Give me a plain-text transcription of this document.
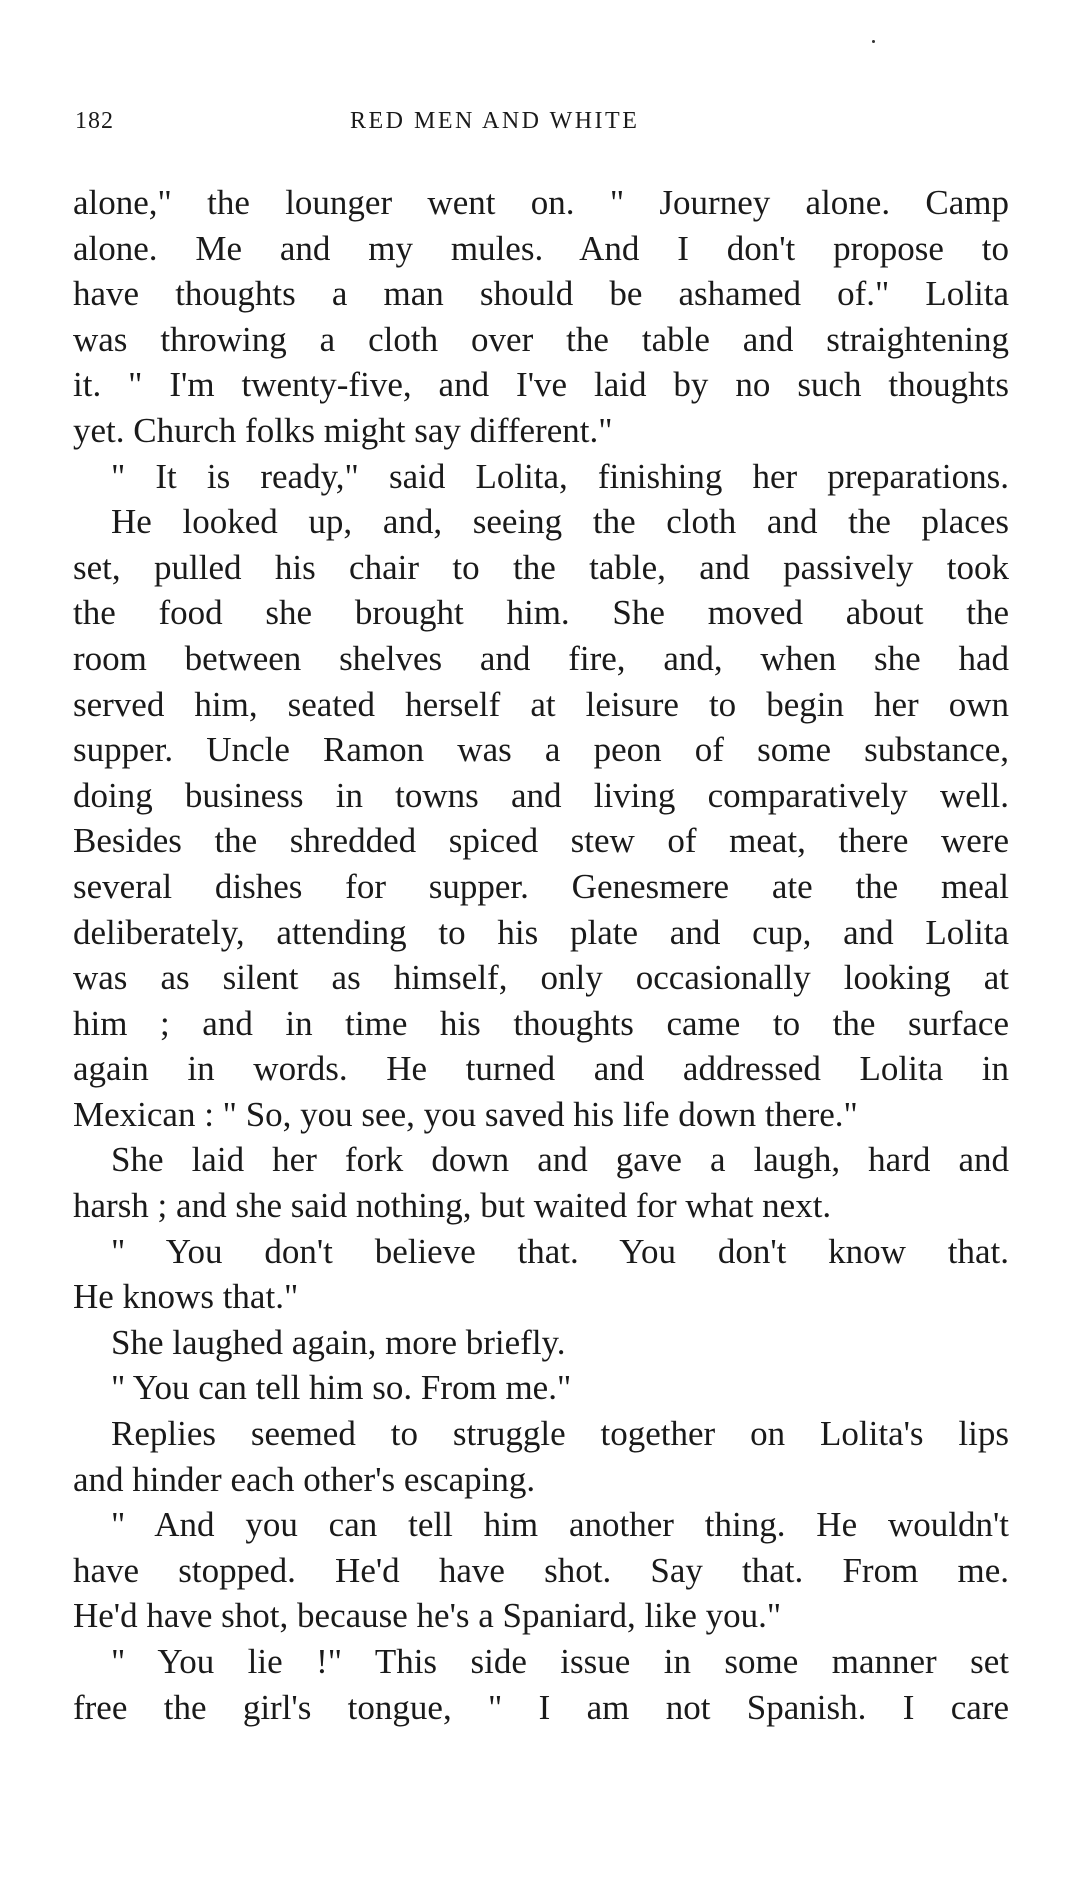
182	RED MEN AND WHITE
alone," the lounger went on. " Journey alone. Camp
alone. Me and my mules. And I don't propose to
have thoughts a man should be ashamed of." Lolita
was throwing a cloth over the table and straightening
it. " I'm twenty-five, and I've laid by no such thoughts
yet. Church folks might say different."
" It is ready," said Lolita, finishing her preparations.
He looked up, and, seeing the cloth and the places
set, pulled his chair to the table, and passively took
the food she brought him. She moved about the
room between shelves and fire, and, when she had
served him, seated herself at leisure to begin her own
supper. Uncle Ramon was a peon of some substance,
doing business in towns and living comparatively well.
Besides the shredded spiced stew of meat, there were
several dishes for supper. Genesmere ate the meal
deliberately, attending to his plate and cup, and Lolita
was as silent as himself, only occasionally looking at
him ; and in time his thoughts came to the surface
again in words. He turned and addressed Lolita in
Mexican : " So, you see, you saved his life down there."
She laid her fork down and gave a laugh, hard and
harsh ; and she said nothing, but waited for what next.
" You don't believe that. You don't know that.
He knows that."
She laughed again, more briefly.
" You can tell him so. From me."
Replies seemed to struggle together on Lolita's lips
and hinder each other's escaping.
" And you can tell him another thing. He wouldn't
have stopped. He'd have shot. Say that. From me.
He'd have shot, because he's a Spaniard, like you."
" You lie !" This side issue in some manner set
free the girl's tongue, " I am not Spanish. I care
